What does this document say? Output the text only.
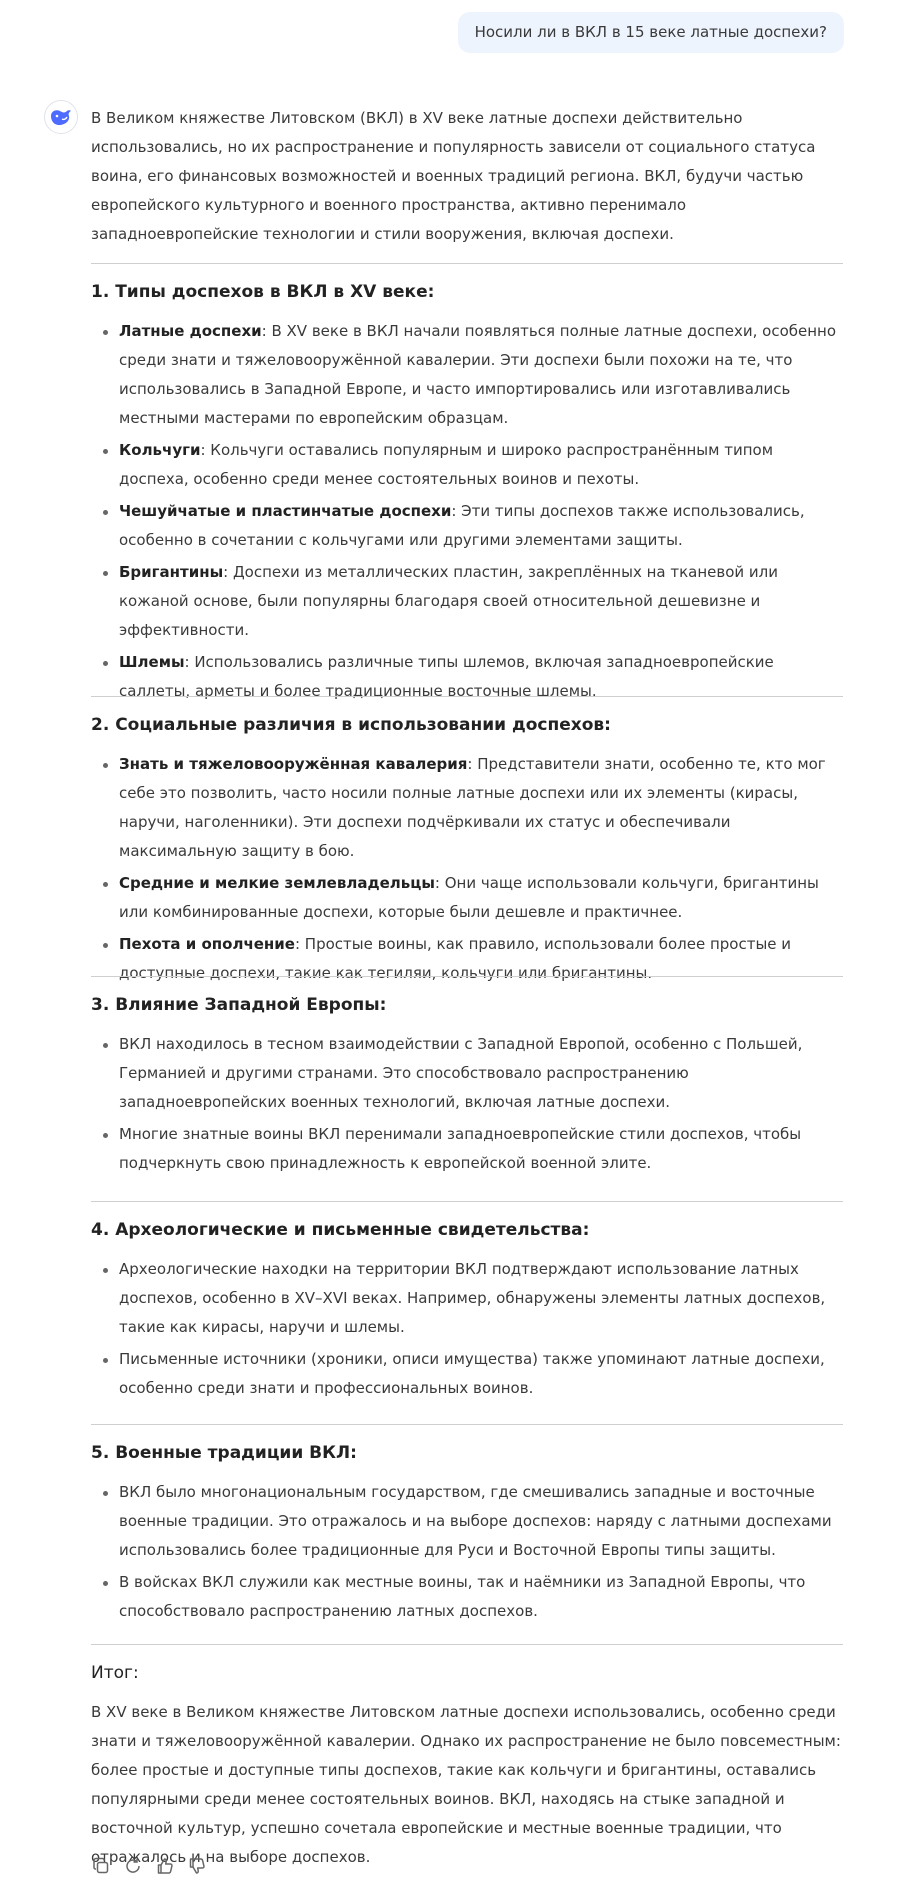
Носили ли в ВКЛ в 15 веке латные доспехи?

В Великом княжестве Литовском (ВКЛ) в XV веке латные доспехи действительно использовались, но их распространение и популярность зависели от социального статуса воина, его финансовых возможностей и военных традиций региона. ВКЛ, будучи частью европейского культурного и военного пространства, активно перенимало западноевропейские технологии и стили вооружения, включая доспехи.

1. Типы доспехов в ВКЛ в XV веке:
Латные доспехи: В XV веке в ВКЛ начали появляться полные латные доспехи, особенно среди знати и тяжеловооружённой кавалерии. Эти доспехи были похожи на те, что использовались в Западной Европе, и часто импортировались или изготавливались местными мастерами по европейским образцам.
Кольчуги: Кольчуги оставались популярным и широко распространённым типом доспеха, особенно среди менее состоятельных воинов и пехоты.
Чешуйчатые и пластинчатые доспехи: Эти типы доспехов также использовались, особенно в сочетании с кольчугами или другими элементами защиты.
Бригантины: Доспехи из металлических пластин, закреплённых на тканевой или кожаной основе, были популярны благодаря своей относительной дешевизне и эффективности.
Шлемы: Использовались различные типы шлемов, включая западноевропейские саллеты, арметы и более традиционные восточные шлемы.
2. Социальные различия в использовании доспехов:
Знать и тяжеловооружённая кавалерия: Представители знати, особенно те, кто мог себе это позволить, часто носили полные латные доспехи или их элементы (кирасы, наручи, наголенники). Эти доспехи подчёркивали их статус и обеспечивали максимальную защиту в бою.
Средние и мелкие землевладельцы: Они чаще использовали кольчуги, бригантины или комбинированные доспехи, которые были дешевле и практичнее.
Пехота и ополчение: Простые воины, как правило, использовали более простые и доступные доспехи, такие как тегиляи, кольчуги или бригантины.
3. Влияние Западной Европы:
ВКЛ находилось в тесном взаимодействии с Западной Европой, особенно с Польшей, Германией и другими странами. Это способствовало распространению западноевропейских военных технологий, включая латные доспехи.
Многие знатные воины ВКЛ перенимали западноевропейские стили доспехов, чтобы подчеркнуть свою принадлежность к европейской военной элите.
4. Археологические и письменные свидетельства:
Археологические находки на территории ВКЛ подтверждают использование латных доспехов, особенно в XV–XVI веках. Например, обнаружены элементы латных доспехов, такие как кирасы, наручи и шлемы.
Письменные источники (хроники, описи имущества) также упоминают латные доспехи, особенно среди знати и профессиональных воинов.
5. Военные традиции ВКЛ:
ВКЛ было многонациональным государством, где смешивались западные и восточные военные традиции. Это отражалось и на выборе доспехов: наряду с латными доспехами использовались более традиционные для Руси и Восточной Европы типы защиты.
В войсках ВКЛ служили как местные воины, так и наёмники из Западной Европы, что способствовало распространению латных доспехов.
Итог:

В XV веке в Великом княжестве Литовском латные доспехи использовались, особенно среди знати и тяжеловооружённой кавалерии. Однако их распространение не было повсеместным: более простые и доступные типы доспехов, такие как кольчуги и бригантины, оставались популярными среди менее состоятельных воинов. ВКЛ, находясь на стыке западной и восточной культур, успешно сочетала европейские и местные военные традиции, что отражалось и на выборе доспехов.
